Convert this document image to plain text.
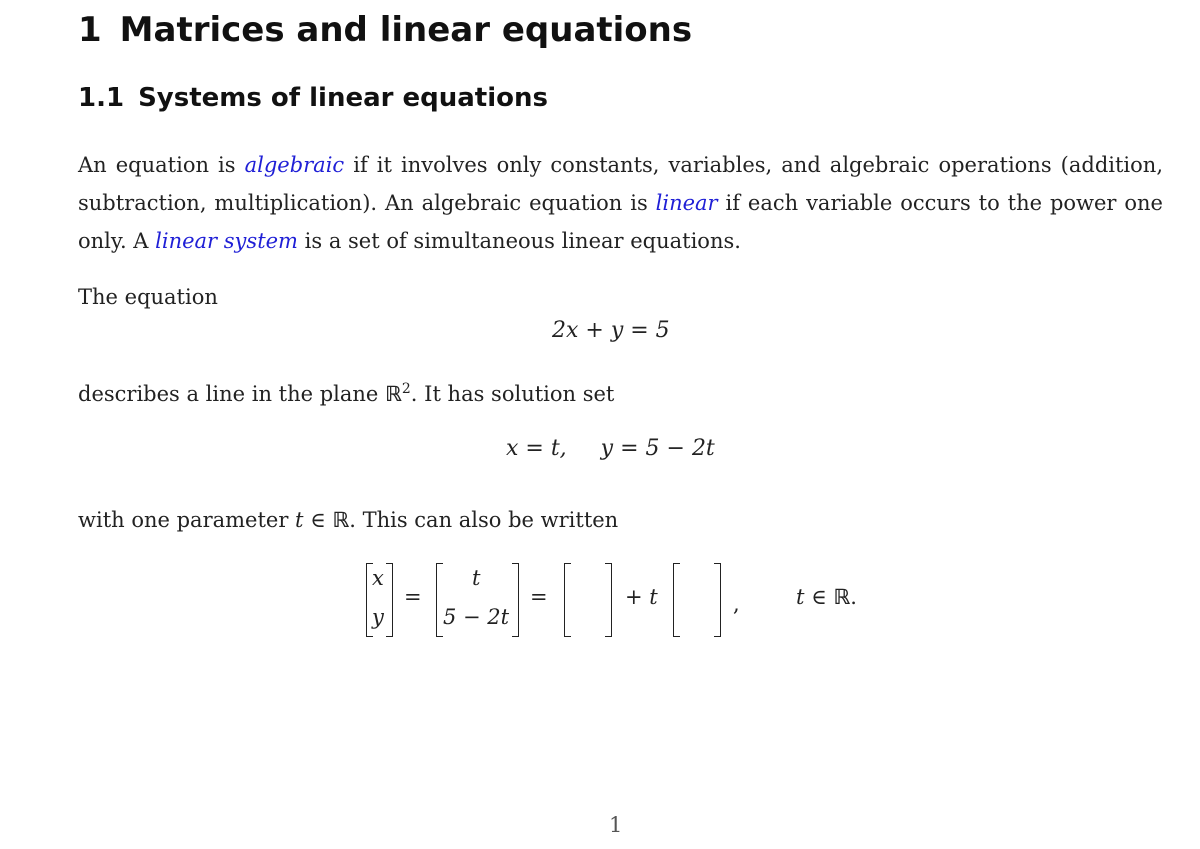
1 Matrices and linear equations
1.1 Systems of linear equations
An equation is algebraic if it involves only constants, variables, and algebraic operations (addition, subtraction, multiplication). An algebraic equation is linear if each variable occurs to the power one only. A linear system is a set of simultaneous linear equations.
The equation
2x + y = 5
describes a line in the plane ℝ$^2$. It has solution set
x = t, y = 5 − 2t
with one parameter t ∈ ℝ. This can also be written
x
y
=
t
5 − 2t
=	+ t	,	t ∈ ℝ.
1
